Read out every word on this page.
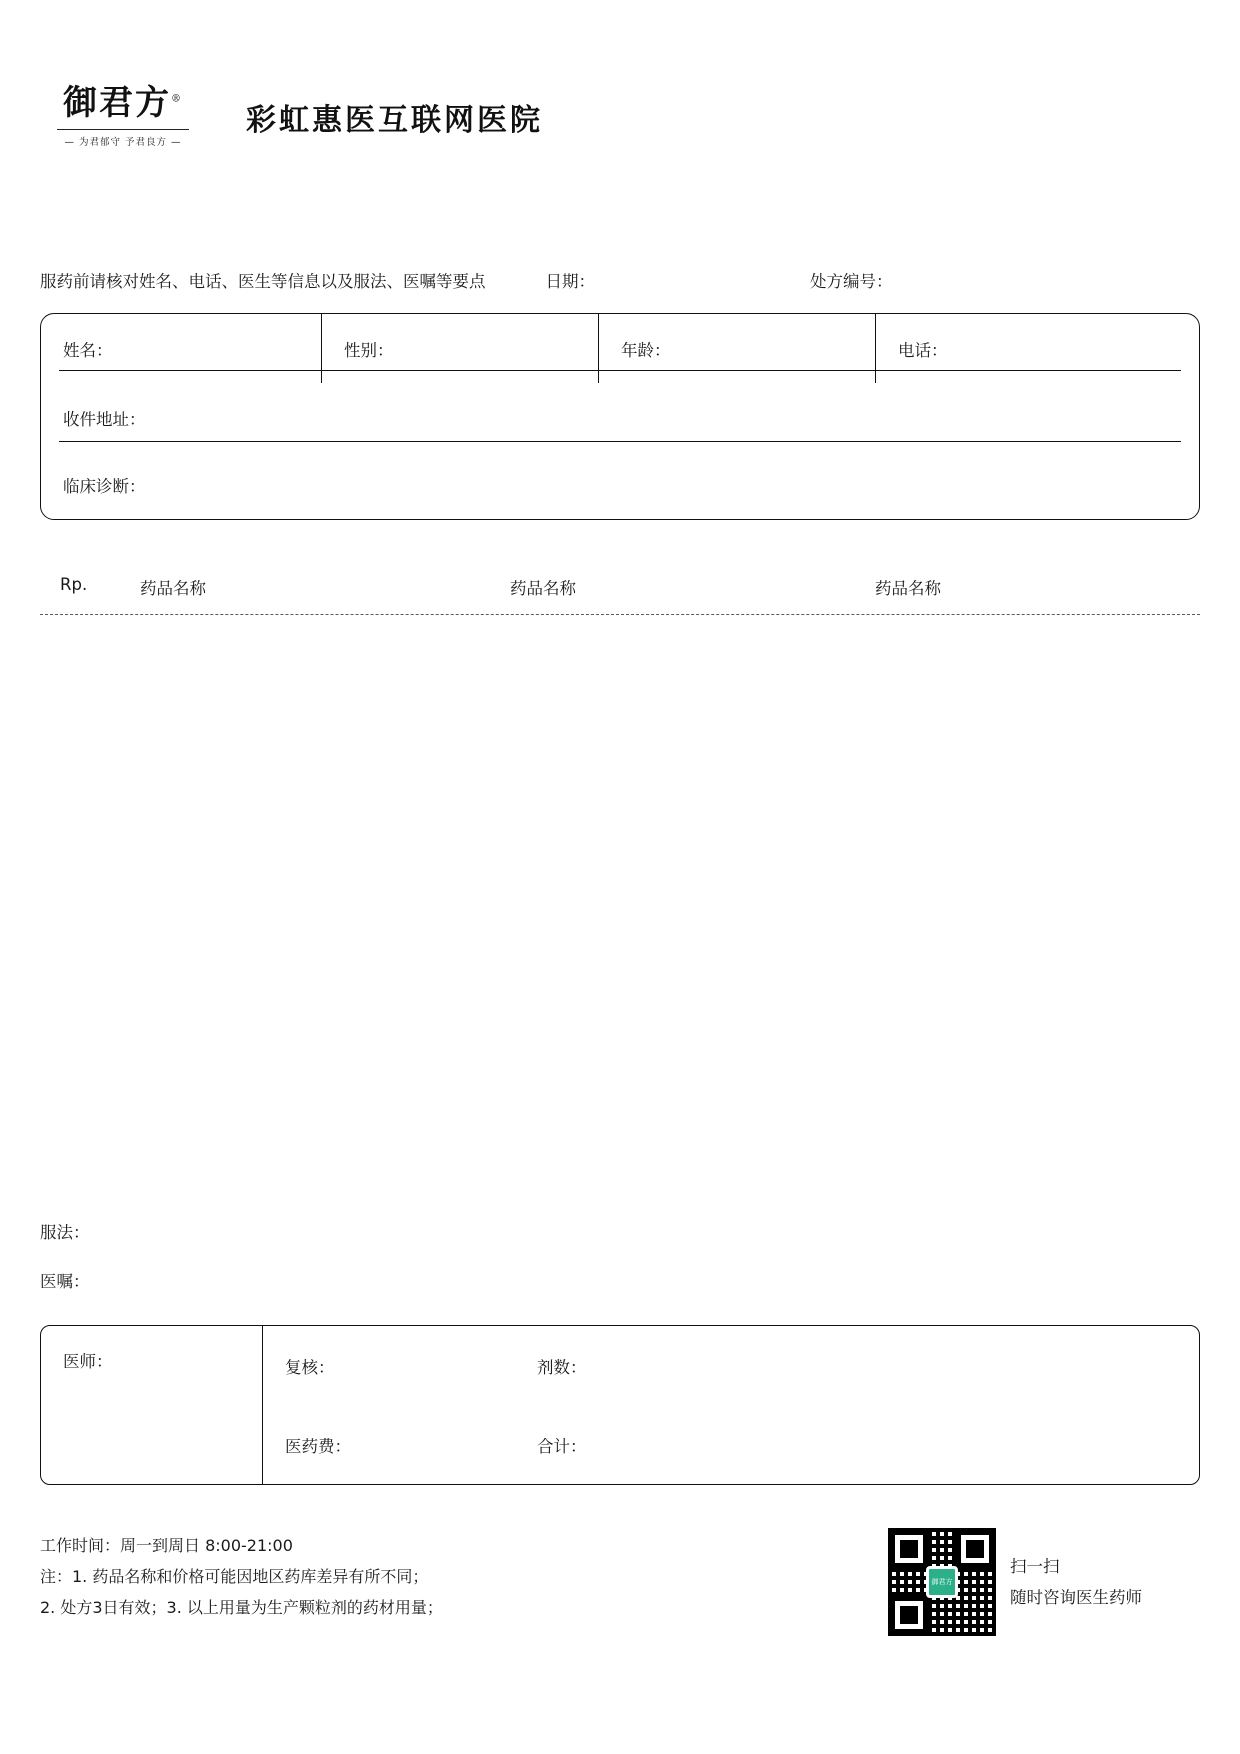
御君方®
— 为君郁守 予君良方 —
彩虹惠医互联网医院
服药前请核对姓名、电话、医生等信息以及服法、医嘱等要点	日期：	处方编号：
姓名：	性别：	年龄：	电话：
收件地址：
临床诊断：
Rp.	药品名称	药品名称	药品名称
服法：
医嘱：
医师：	复核：	剂数：
医药费：	合计：
工作时间：周一到周日 8:00-21:00
注：1. 药品名称和价格可能因地区药库差异有所不同；
2. 处方3日有效；3. 以上用量为生产颗粒剂的药材用量；
御君方
扫一扫
随时咨询医生药师
